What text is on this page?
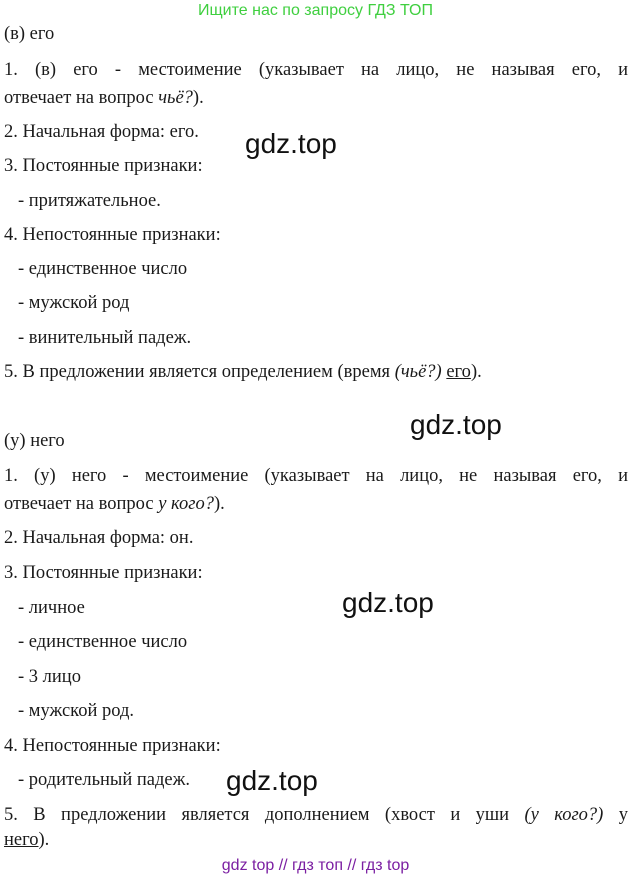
Ищите нас по запросу ГДЗ ТОП
(в) его
1. (в) его - местоимение (указывает на лицо, не называя его, и
отвечает на вопрос чьё?).
2. Начальная форма: его.
3. Постоянные признаки:
- притяжательное.
4. Непостоянные признаки:
- единственное число
- мужской род
- винительный падеж.
5. В предложении является определением (время (чьё?) его).
(у) него
1. (у) него - местоимение (указывает на лицо, не называя его, и
отвечает на вопрос у кого?).
2. Начальная форма: он.
3. Постоянные признаки:
- личное
- единственное число
- 3 лицо
- мужской род.
4. Непостоянные признаки:
- родительный падеж.
5. В предложении является дополнением (хвост и уши (у кого?) у
него).
gdz.top
gdz.top
gdz.top
gdz.top
gdz top // гдз топ // гдз top
